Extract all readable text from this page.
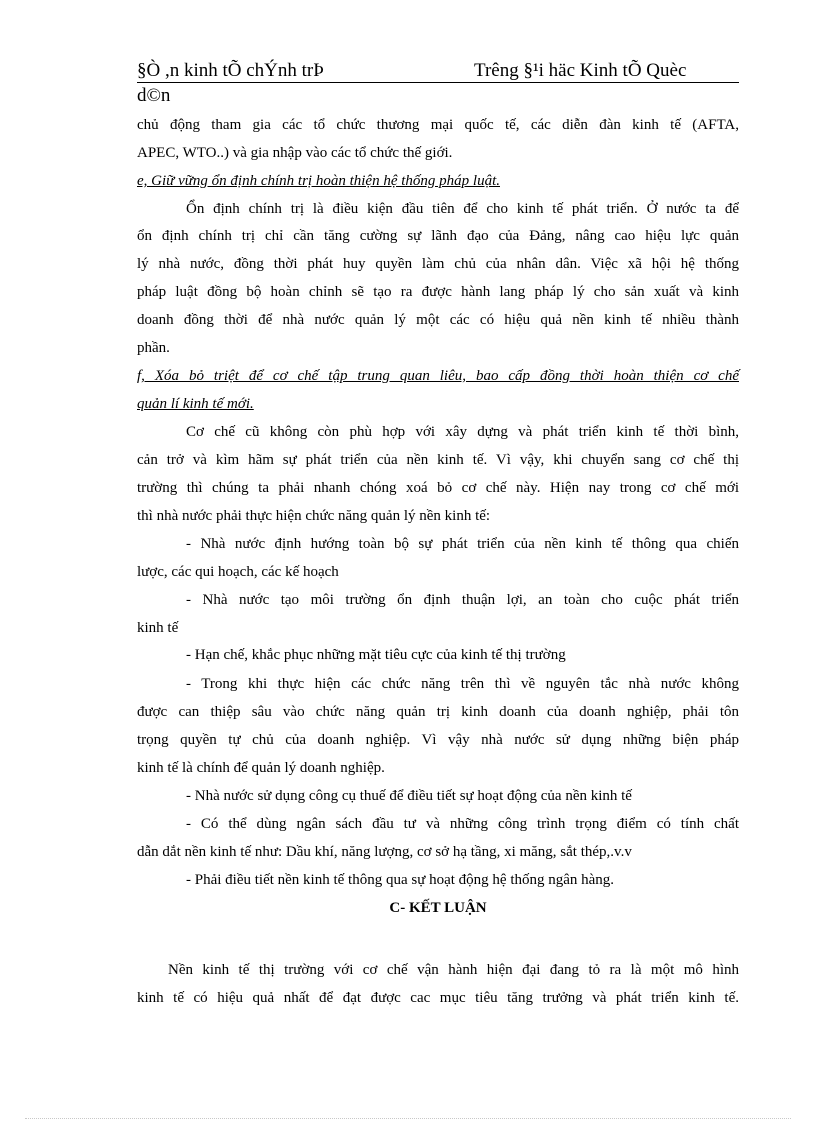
§Ò ,n kinh tÕ chÝnh trÞ	Trêng §¹i häc Kinh tÕ Quèc
d©n
chủ động tham gia các tổ chức thương mại quốc tế, các diễn đàn kinh tế (AFTA,
APEC, WTO..) và gia nhập vào các tổ chức thế giới.
e, Giữ vững ổn định chính trị hoàn thiện hệ thống pháp luật.
Ổn định chính trị là điều kiện đầu tiên để cho kinh tế phát triển. Ở nước ta để
ổn định chính trị chỉ cần tăng cường sự lãnh đạo của Đảng, nâng cao hiệu lực quản
lý nhà nước, đồng thời phát huy quyền làm chủ của nhân dân. Việc xã hội hệ thống
pháp luật đồng bộ hoàn chỉnh sẽ tạo ra được hành lang pháp lý cho sản xuất và kinh
doanh đồng thời để nhà nước quản lý một các có hiệu quả nền kinh tế nhiều thành
phần.
f, Xóa bỏ triệt để cơ chế tập trung quan liêu, bao cấp đồng thời hoàn thiện cơ chế
quản lí kinh tế mới.
Cơ chế cũ không còn phù hợp với xây dựng và phát triển kinh tế thời bình,
cản trở và kìm hãm sự phát triển của nền kinh tế. Vì vậy, khi chuyển sang cơ chế thị
trường thì chúng ta phải nhanh chóng xoá bỏ cơ chế này. Hiện nay trong cơ chế mới
thì nhà nước phải thực hiện chức năng quản lý nền kinh tế:
- Nhà nước định hướng toàn bộ sự phát triển của nền kinh tế thông qua chiến
lược, các qui hoạch, các kế hoạch
- Nhà nước tạo môi trường ổn định thuận lợi, an toàn cho cuộc phát triển
kinh tế
- Hạn chế, khắc phục những mặt tiêu cực của kinh tế thị trường
- Trong khi thực hiện các chức năng trên thì về nguyên tắc nhà nước không
được can thiệp sâu vào chức năng quản trị kinh doanh của doanh nghiệp, phải tôn
trọng quyền tự chủ của doanh nghiệp. Vì vậy nhà nước sử dụng những biện pháp
kinh tế là chính để quản lý doanh nghiệp.
- Nhà nước sử dụng công cụ thuế để điều tiết sự hoạt động của nền kinh tế
- Có thể dùng ngân sách đầu tư và những công trình trọng điểm có tính chất
dẫn dắt nền kinh tế như: Dầu khí, năng lượng, cơ sở hạ tầng, xi măng, sắt thép,.v.v
- Phải điều tiết nền kinh tế thông qua sự hoạt động hệ thống ngân hàng.
C- KẾT LUẬN
Nền kinh tế thị trường với cơ chế vận hành hiện đại đang tỏ ra là một mô hình
kinh tế có hiệu quả nhất để đạt được cac mục tiêu tăng trưởng và phát triển kinh tế.
